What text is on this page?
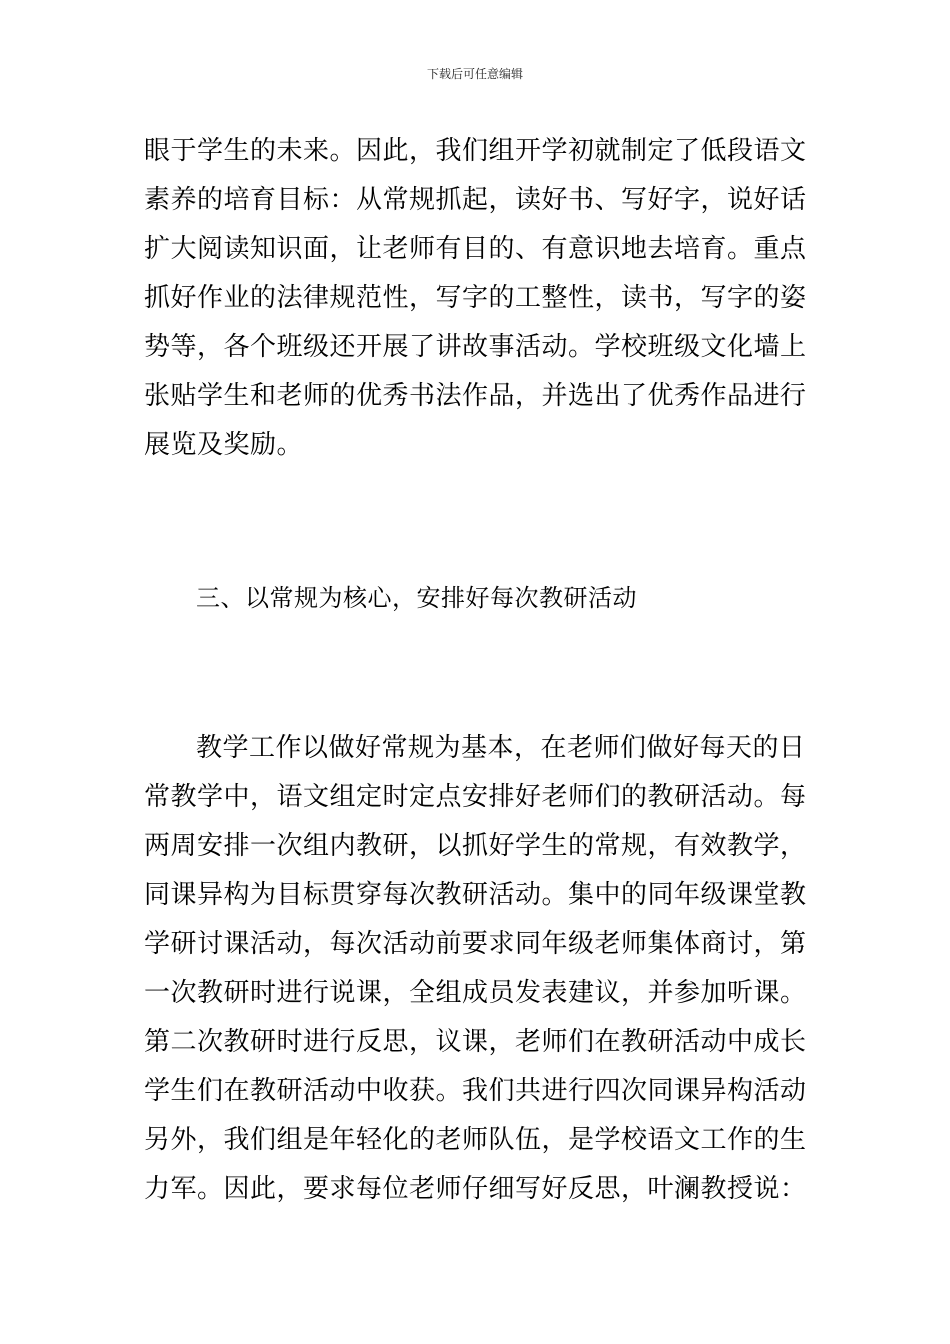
下载后可任意编辑
眼于学生的未来。因此，我们组开学初就制定了低段语文
素养的培育目标：从常规抓起，读好书、写好字，说好话
扩大阅读知识面，让老师有目的、有意识地去培育。重点
抓好作业的法律规范性，写字的工整性，读书，写字的姿
势等，各个班级还开展了讲故事活动。学校班级文化墙上
张贴学生和老师的优秀书法作品，并选出了优秀作品进行
展览及奖励。
三、以常规为核心，安排好每次教研活动
教学工作以做好常规为基本，在老师们做好每天的日
常教学中，语文组定时定点安排好老师们的教研活动。每
两周安排一次组内教研，以抓好学生的常规，有效教学，
同课异构为目标贯穿每次教研活动。集中的同年级课堂教
学研讨课活动，每次活动前要求同年级老师集体商讨，第
一次教研时进行说课，全组成员发表建议，并参加听课。
第二次教研时进行反思，议课，老师们在教研活动中成长
学生们在教研活动中收获。我们共进行四次同课异构活动
另外，我们组是年轻化的老师队伍，是学校语文工作的生
力军。因此，要求每位老师仔细写好反思，叶澜教授说：
